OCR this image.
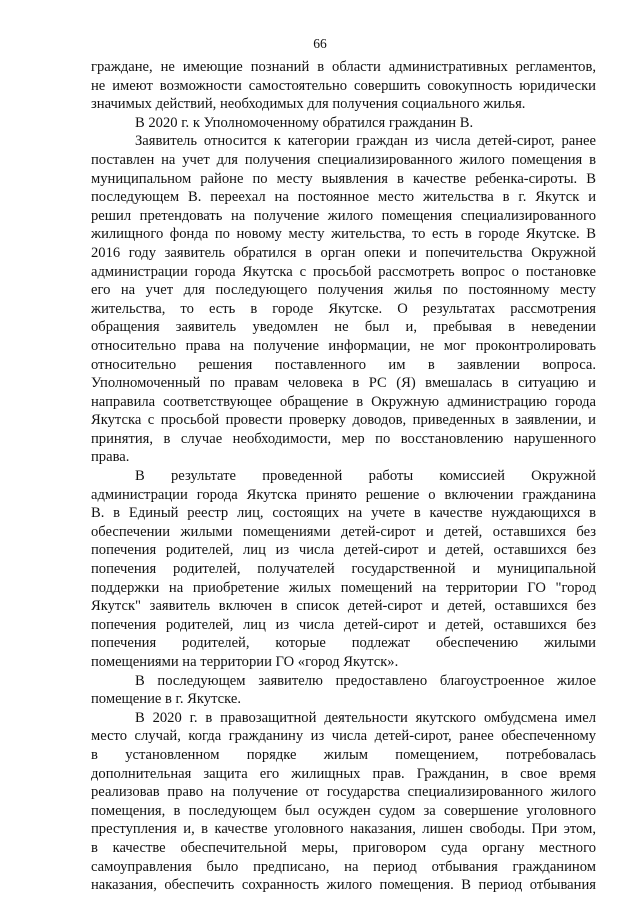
66
граждане, не имеющие познаний в области административных регламентов,
не имеют возможности самостоятельно совершить совокупность юридически
значимых действий, необходимых для получения социального жилья.
В 2020 г. к Уполномоченному обратился гражданин В.
Заявитель относится к категории граждан из числа детей-сирот, ранее
поставлен на учет для получения специализированного жилого помещения в
муниципальном районе по месту выявления в качестве ребенка-сироты. В
последующем В. переехал на постоянное место жительства в г. Якутск и
решил претендовать на получение жилого помещения специализированного
жилищного фонда по новому месту жительства, то есть в городе Якутске. В
2016 году заявитель обратился в орган опеки и попечительства Окружной
администрации города Якутска с просьбой рассмотреть вопрос о постановке
его на учет для последующего получения жилья по постоянному месту
жительства, то есть в городе Якутске. О результатах рассмотрения
обращения заявитель уведомлен не был и, пребывая в неведении
относительно права на получение информации, не мог проконтролировать
относительно решения поставленного им в заявлении вопроса.
Уполномоченный по правам человека в РС (Я) вмешалась в ситуацию и
направила соответствующее обращение в Окружную администрацию города
Якутска с просьбой провести проверку доводов, приведенных в заявлении, и
принятия, в случае необходимости, мер по восстановлению нарушенного
права.
В результате проведенной работы комиссией Окружной
администрации города Якутска принято решение о включении гражданина
В. в Единый реестр лиц, состоящих на учете в качестве нуждающихся в
обеспечении жилыми помещениями детей-сирот и детей, оставшихся без
попечения родителей, лиц из числа детей-сирот и детей, оставшихся без
попечения родителей, получателей государственной и муниципальной
поддержки на приобретение жилых помещений на территории ГО "город
Якутск" заявитель включен в список детей-сирот и детей, оставшихся без
попечения родителей, лиц из числа детей-сирот и детей, оставшихся без
попечения родителей, которые подлежат обеспечению жилыми
помещениями на территории ГО «город Якутск».
В последующем заявителю предоставлено благоустроенное жилое
помещение в г. Якутске.
В 2020 г. в правозащитной деятельности якутского омбудсмена имел
место случай, когда гражданину из числа детей-сирот, ранее обеспеченному
в установленном порядке жилым помещением, потребовалась
дополнительная защита его жилищных прав. Гражданин, в свое время
реализовав право на получение от государства специализированного жилого
помещения, в последующем был осужден судом за совершение уголовного
преступления и, в качестве уголовного наказания, лишен свободы. При этом,
в качестве обеспечительной меры, приговором суда органу местного
самоуправления было предписано, на период отбывания гражданином
наказания, обеспечить сохранность жилого помещения. В период отбывания
